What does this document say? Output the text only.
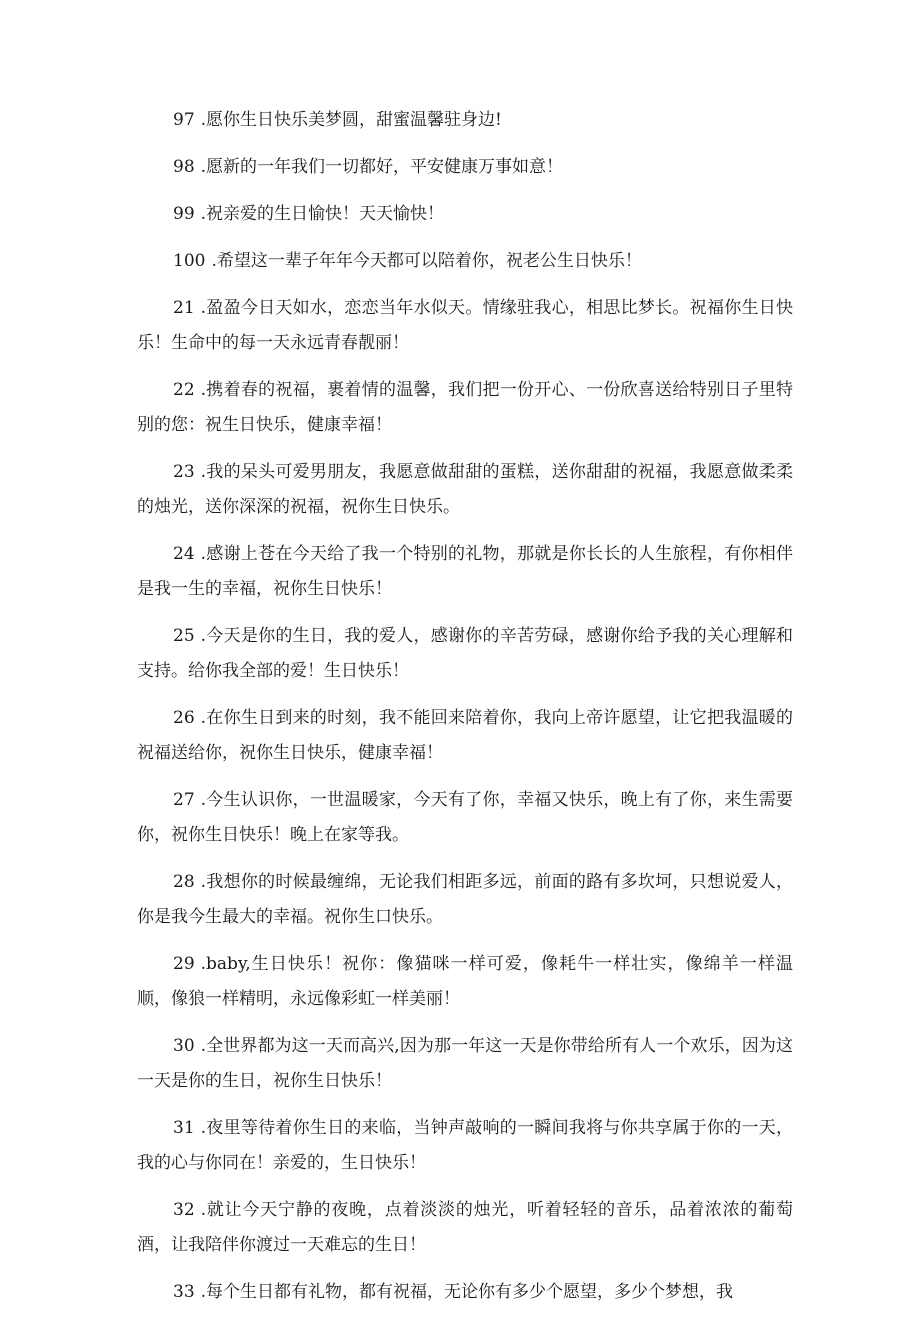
97 .愿你生日快乐美梦圆，甜蜜温馨驻身边!

98 .愿新的一年我们一切都好，平安健康万事如意！

99 .祝亲爱的生日愉快！天天愉快！

100 .希望这一辈子年年今天都可以陪着你，祝老公生日快乐！

21 .盈盈今日天如水，恋恋当年水似天。情缘驻我心，相思比梦长。祝福你生日快乐！生命中的每一天永远青春靓丽！

22 .携着春的祝福，裹着情的温馨，我们把一份开心、一份欣喜送给特别日子里特别的您：祝生日快乐，健康幸福！

23 .我的呆头可爱男朋友，我愿意做甜甜的蛋糕，送你甜甜的祝福，我愿意做柔柔的烛光，送你深深的祝福，祝你生日快乐。

24 .感谢上苍在今天给了我一个特别的礼物，那就是你长长的人生旅程，有你相伴是我一生的幸福，祝你生日快乐！

25 .今天是你的生日，我的爱人，感谢你的辛苦劳碌，感谢你给予我的关心理解和支持。给你我全部的爱！生日快乐！

26 .在你生日到来的时刻，我不能回来陪着你，我向上帝许愿望，让它把我温暖的祝福送给你，祝你生日快乐，健康幸福！

27 .今生认识你，一世温暖家，今天有了你，幸福又快乐，晚上有了你，来生需要你，祝你生日快乐！晚上在家等我。

28 .我想你的时候最缠绵，无论我们相距多远，前面的路有多坎坷，只想说爱人，你是我今生最大的幸福。祝你生口快乐。

29 .baby,生日快乐！祝你：像猫咪一样可爱，像耗牛一样壮实，像绵羊一样温顺，像狼一样精明，永远像彩虹一样美丽！

30 .全世界都为这一天而高兴,因为那一年这一天是你带给所有人一个欢乐，因为这一天是你的生日，祝你生日快乐！

31 .夜里等待着你生日的来临，当钟声敲响的一瞬间我将与你共享属于你的一天，我的心与你同在！亲爱的，生日快乐！

32 .就让今天宁静的夜晚，点着淡淡的烛光，听着轻轻的音乐，品着浓浓的葡萄酒，让我陪伴你渡过一天难忘的生日！

33 .每个生日都有礼物，都有祝福，无论你有多少个愿望，多少个梦想，我
